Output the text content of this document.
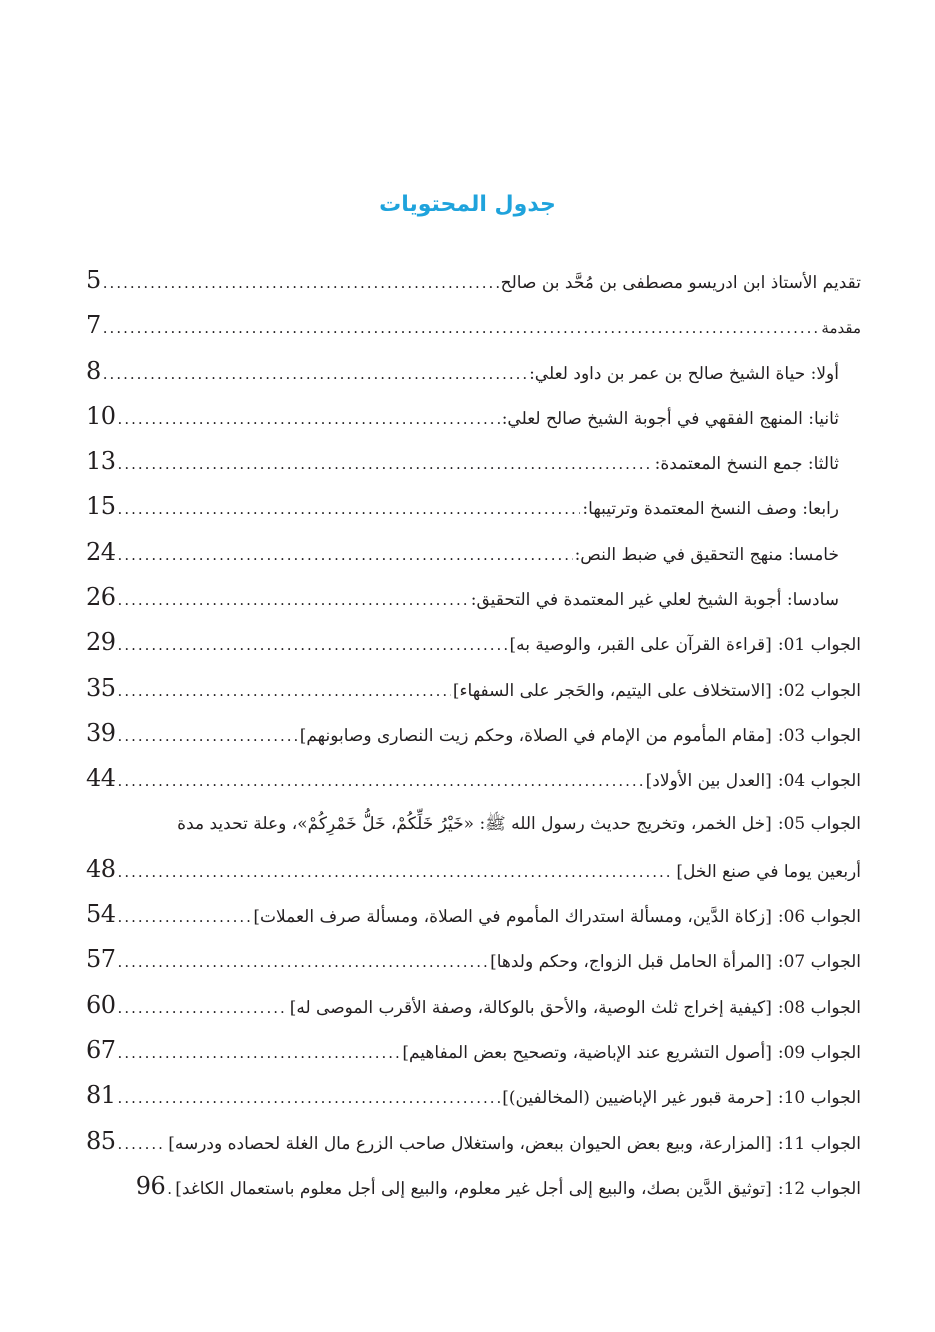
جدول المحتويات
تقديم الأستاذ ابن ادريسو مصطفى بن مُحَّد بن صالح
.....
5
مقدمة
.....
7
أولا: حياة الشيخ صالح بن عمر بن داود لعلي:
.....
8
ثانيا: المنهج الفقهي في أجوبة الشيخ صالح لعلي:
.....
10
ثالثا: جمع النسخ المعتمدة:
.....
13
رابعا: وصف النسخ المعتمدة وترتيبها:
.....
15
خامسا: منهج التحقيق في ضبط النص:
.....
24
سادسا: أجوبة الشيخ لعلي غير المعتمدة في التحقيق:
.....
26
الجواب 01:[قراءة القرآن على القبر، والوصية به]
.....
29
الجواب 02:[الاستخلاف على اليتيم، والحَجر على السفهاء]
.....
35
الجواب 03:[مقام المأموم من الإمام في الصلاة، وحكم زيت النصارى وصابونهم]
.....
39
الجواب 04:[العدل بين الأولاد]
.....
44
الجواب 05:[خل الخمر، وتخريج حديث رسول الله ﷺ: «خَيْرُ خَلِّكُمْ، خَلُّ خَمْرِكُمْ»، وعلة تحديد مدة
أربعين يوما في صنع الخل]
.....
48
الجواب 06:[زكاة الدَّين، ومسألة استدراك المأموم في الصلاة، ومسألة صرف العملات]
.....
54
الجواب 07:[المرأة الحامل قبل الزواج، وحكم ولدها]
.....
57
الجواب 08:[كيفية إخراج ثلث الوصية، والأحق بالوكالة، وصفة الأقرب الموصى له]
.....
60
الجواب 09:[أصول التشريع عند الإباضية، وتصحيح بعض المفاهيم]
.....
67
الجواب 10:[حرمة قبور غير الإباضيين (المخالفين)]
.....
81
الجواب 11:[المزارعة، وبيع بعض الحيوان ببعض، واستغلال صاحب الزرع مال الغلة لحصاده ودرسه]
.....
85
الجواب 12:[توثيق الدَّين بصك، والبيع إلى أجل غير معلوم، والبيع إلى أجل معلوم باستعمال الكاغد]
.....
96
